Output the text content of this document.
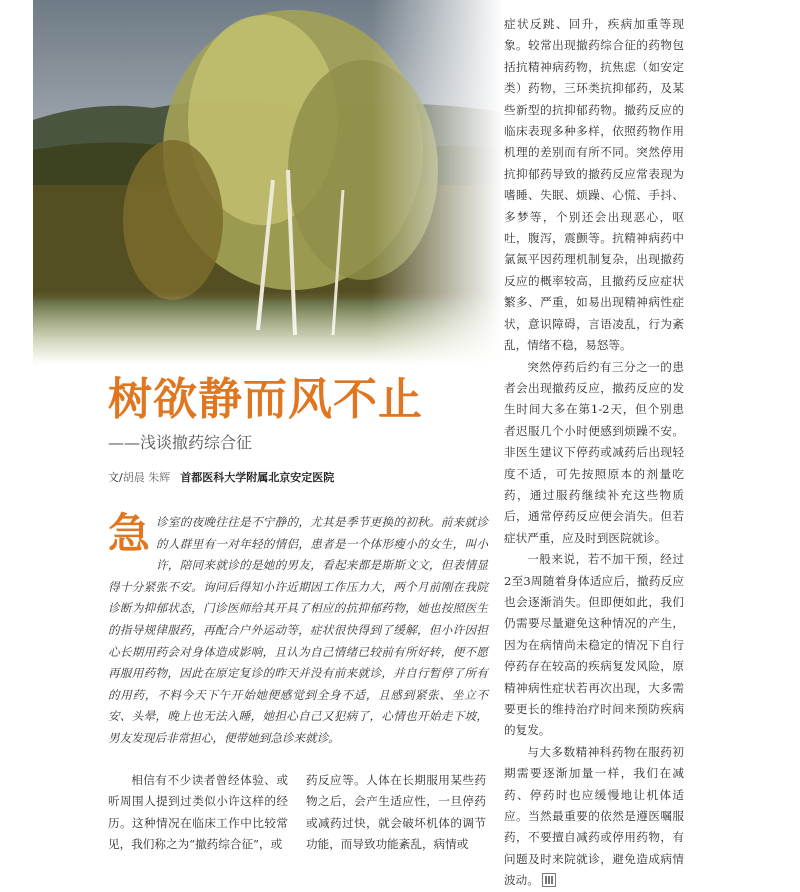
树欲静而风不止
——浅谈撤药综合征
文/胡晨 朱辉 首都医科大学附属北京安定医院
急诊室的夜晚往往是不宁静的，尤其是季节更换的初秋。前来就诊的人群里有一对年轻的情侣，患者是一个体形瘦小的女生，叫小许，陪同来就诊的是她的男友，看起来都是斯斯文文，但表情显得十分紧张不安。询问后得知小许近期因工作压力大，两个月前刚在我院诊断为抑郁状态，门诊医师给其开具了相应的抗抑郁药物，她也按照医生的指导规律服药，再配合户外运动等，症状很快得到了缓解，但小许因担心长期用药会对身体造成影响，且认为自己情绪已较前有所好转，便不愿再服用药物，因此在原定复诊的昨天并没有前来就诊，并自行暂停了所有的用药，不料今天下午开始她便感觉到全身不适，且感到紧张、坐立不安、头晕，晚上也无法入睡，她担心自己又犯病了，心情也开始走下坡，男友发现后非常担心，便带她到急诊来就诊。

相信有不少读者曾经体验、或听周围人提到过类似小许这样的经历。这种情况在临床工作中比较常见，我们称之为“撤药综合征”，或

药反应等。人体在长期服用某些药物之后，会产生适应性，一旦停药或减药过快，就会破坏机体的调节功能，而导致功能紊乱，病情或

症状反跳、回升，疾病加重等现象。较常出现撤药综合征的药物包括抗精神病药物，抗焦虑（如安定类）药物，三环类抗抑郁药，及某些新型的抗抑郁药物。撤药反应的临床表现多种多样，依照药物作用机理的差别而有所不同。突然停用抗抑郁药导致的撤药反应常表现为嗜睡、失眠、烦躁、心慌、手抖、多梦等，个别还会出现恶心，呕吐，腹泻，震颤等。抗精神病药中氯氮平因药理机制复杂，出现撤药反应的概率较高，且撤药反应症状繁多、严重，如易出现精神病性症状，意识障碍，言语凌乱，行为紊乱，情绪不稳，易怒等。

突然停药后约有三分之一的患者会出现撤药反应，撤药反应的发生时间大多在第1-2天，但个别患者迟服几个小时便感到烦躁不安。非医生建议下停药或减药后出现轻度不适，可先按照原本的剂量吃药，通过服药继续补充这些物质后，通常停药反应便会消失。但若症状严重，应及时到医院就诊。

一般来说，若不加干预，经过2至3周随着身体适应后，撤药反应也会逐渐消失。但即便如此，我们仍需要尽量避免这种情况的产生，因为在病情尚未稳定的情况下自行停药存在较高的疾病复发风险，原精神病性症状若再次出现，大多需要更长的维持治疗时间来预防疾病的复发。

与大多数精神科药物在服药初期需要逐渐加量一样，我们在减药、停药时也应缓慢地让机体适应。当然最重要的依然是遵医嘱服药，不要擅自减药或停用药物，有问题及时来院就诊，避免造成病情波动。
